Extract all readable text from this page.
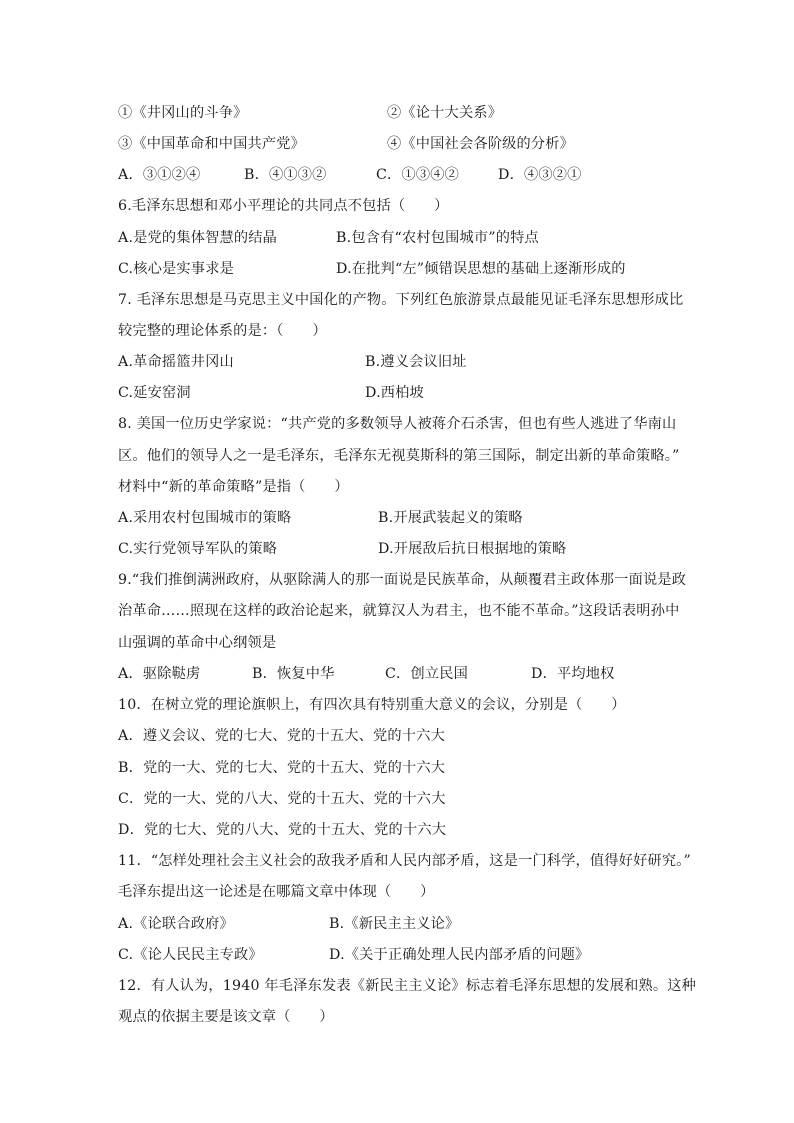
①《井冈山的斗争》	②《论十大关系》
③《中国革命和中国共产党》	④《中国社会各阶级的分析》
A．③①②④	B．④①③②	C．①③④②	D．④③②①
6.毛泽东思想和邓小平理论的共同点不包括（　　）
A.是党的集体智慧的结晶	B.包含有“农村包围城市”的特点
C.核心是实事求是	D.在批判“左”倾错误思想的基础上逐渐形成的
7. 毛泽东思想是马克思主义中国化的产物。下列红色旅游景点最能见证毛泽东思想形成比
较完整的理论体系的是：（　　）
A.革命摇篮井冈山	B.遵义会议旧址
C.延安窑洞	D.西柏坡
8. 美国一位历史学家说：“共产党的多数领导人被蒋介石杀害，但也有些人逃进了华南山
区。他们的领导人之一是毛泽东，毛泽东无视莫斯科的第三国际，制定出新的革命策略。”
材料中“新的革命策略”是指（　　）
A.采用农村包围城市的策略	B.开展武装起义的策略
C.实行党领导军队的策略	D.开展敌后抗日根据地的策略
9.“我们推倒满洲政府，从驱除满人的那一面说是民族革命，从颠覆君主政体那一面说是政
治革命……照现在这样的政治论起来，就算汉人为君主，也不能不革命。”这段话表明孙中
山强调的革命中心纲领是
A．驱除鞑虏	B．恢复中华	C．创立民国	D．平均地权
10．在树立党的理论旗帜上，有四次具有特别重大意义的会议，分别是（　　）
A．遵义会议、党的七大、党的十五大、党的十六大
B．党的一大、党的七大、党的十五大、党的十六大
C．党的一大、党的八大、党的十五大、党的十六大
D．党的七大、党的八大、党的十五大、党的十六大
11．“怎样处理社会主义社会的敌我矛盾和人民内部矛盾，这是一门科学，值得好好研究。”
毛泽东提出这一论述是在哪篇文章中体现（　　）
A.《论联合政府》	B.《新民主主义论》
C.《论人民民主专政》	D.《关于正确处理人民内部矛盾的问题》
12．有人认为，1940 年毛泽东发表《新民主主义论》标志着毛泽东思想的发展和熟。这种
观点的依据主要是该文章（　　）
